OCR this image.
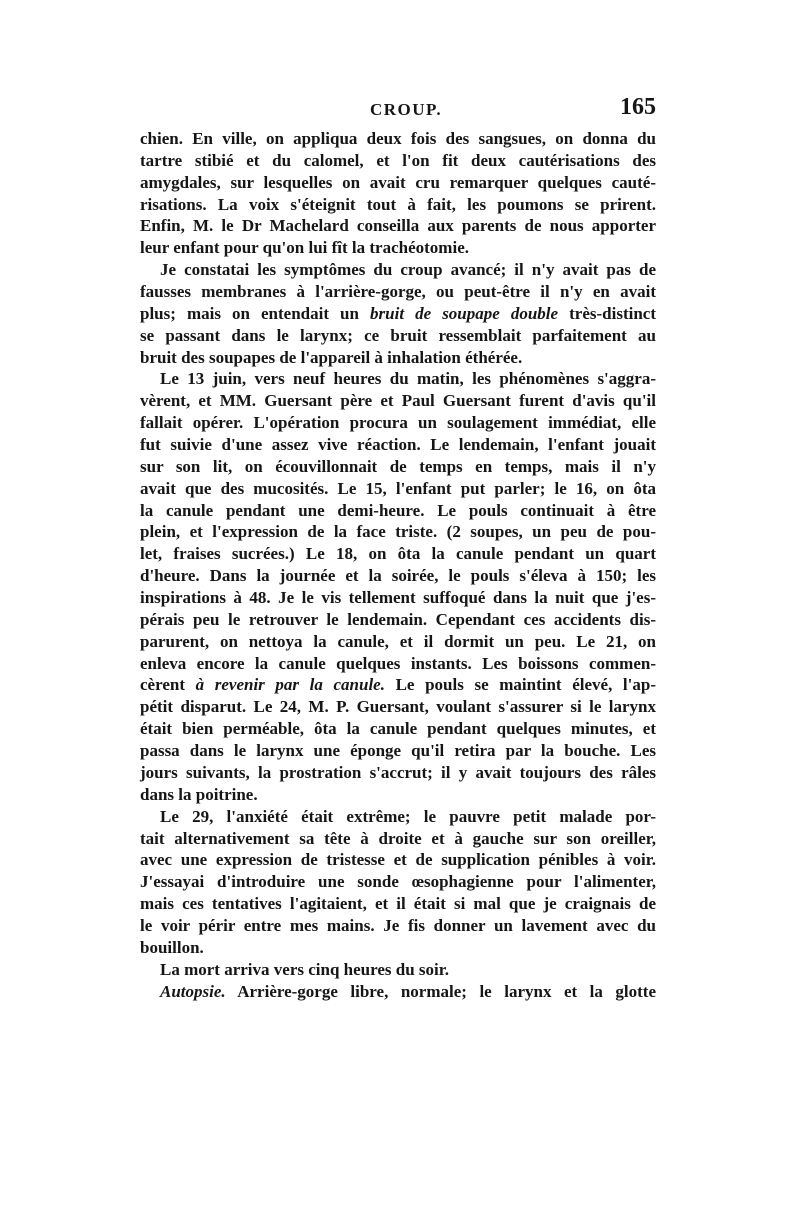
CROUP.	165
chien. En ville, on appliqua deux fois des sangsues, on donna du
tartre stibié et du calomel, et l'on fit deux cautérisations des
amygdales, sur lesquelles on avait cru remarquer quelques cauté-
risations. La voix s'éteignit tout à fait, les poumons se prirent.
Enfin, M. le Dr Machelard conseilla aux parents de nous apporter
leur enfant pour qu'on lui fît la trachéotomie.
Je constatai les symptômes du croup avancé; il n'y avait pas de
fausses membranes à l'arrière-gorge, ou peut-être il n'y en avait
plus; mais on entendait un bruit de soupape double très-distinct
se passant dans le larynx; ce bruit ressemblait parfaitement au
bruit des soupapes de l'appareil à inhalation éthérée.
Le 13 juin, vers neuf heures du matin, les phénomènes s'aggra-
vèrent, et MM. Guersant père et Paul Guersant furent d'avis qu'il
fallait opérer. L'opération procura un soulagement immédiat, elle
fut suivie d'une assez vive réaction. Le lendemain, l'enfant jouait
sur son lit, on écouvillonnait de temps en temps, mais il n'y
avait que des mucosités. Le 15, l'enfant put parler; le 16, on ôta
la canule pendant une demi-heure. Le pouls continuait à être
plein, et l'expression de la face triste. (2 soupes, un peu de pou-
let, fraises sucrées.) Le 18, on ôta la canule pendant un quart
d'heure. Dans la journée et la soirée, le pouls s'éleva à 150; les
inspirations à 48. Je le vis tellement suffoqué dans la nuit que j'es-
pérais peu le retrouver le lendemain. Cependant ces accidents dis-
parurent, on nettoya la canule, et il dormit un peu. Le 21, on
enleva encore la canule quelques instants. Les boissons commen-
cèrent à revenir par la canule. Le pouls se maintint élevé, l'ap-
pétit disparut. Le 24, M. P. Guersant, voulant s'assurer si le larynx
était bien perméable, ôta la canule pendant quelques minutes, et
passa dans le larynx une éponge qu'il retira par la bouche. Les
jours suivants, la prostration s'accrut; il y avait toujours des râles
dans la poitrine.
Le 29, l'anxiété était extrême; le pauvre petit malade por-
tait alternativement sa tête à droite et à gauche sur son oreiller,
avec une expression de tristesse et de supplication pénibles à voir.
J'essayai d'introduire une sonde œsophagienne pour l'alimenter,
mais ces tentatives l'agitaient, et il était si mal que je craignais de
le voir périr entre mes mains. Je fis donner un lavement avec du
bouillon.
La mort arriva vers cinq heures du soir.
Autopsie. Arrière-gorge libre, normale; le larynx et la glotte
